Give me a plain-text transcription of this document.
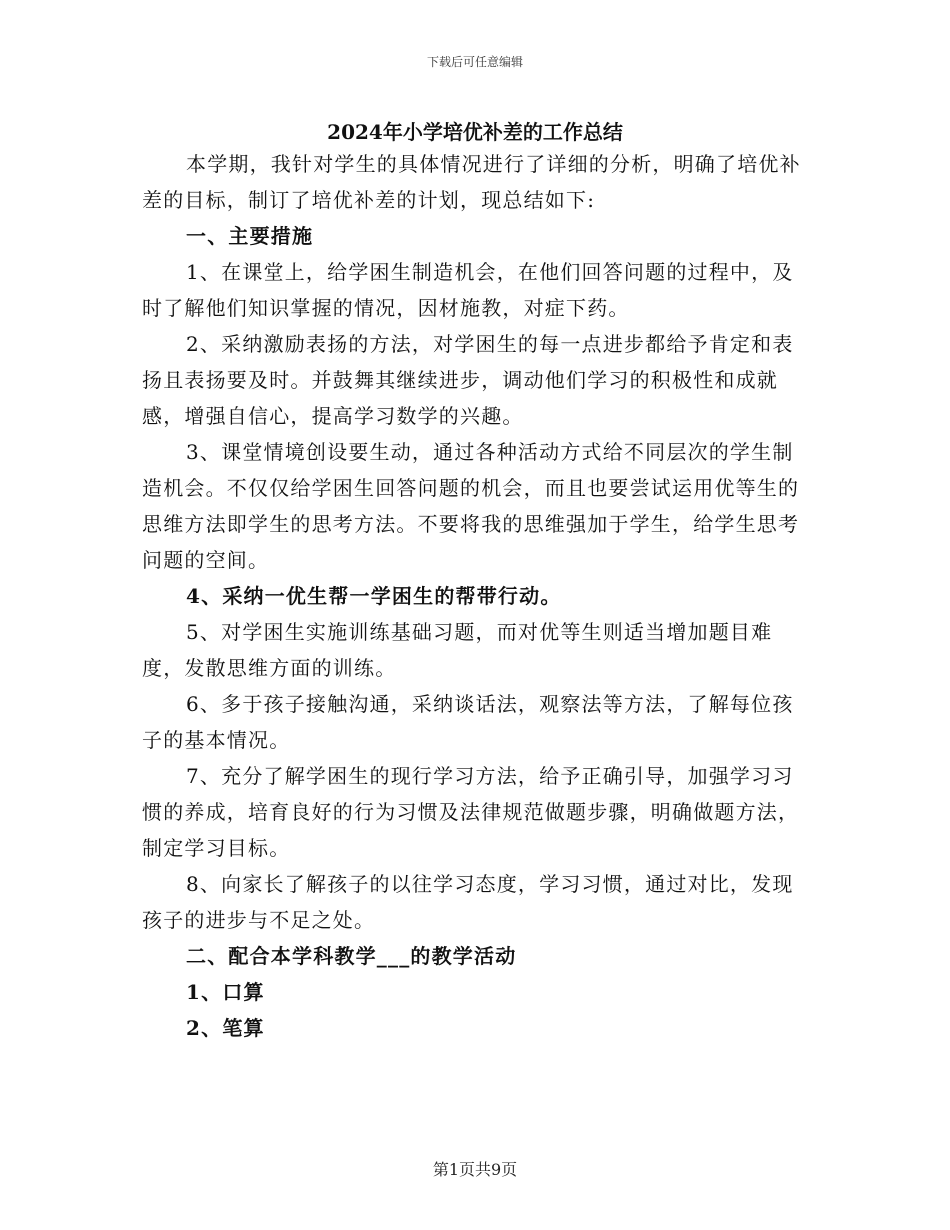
下载后可任意编辑
2024年小学培优补差的工作总结

本学期，我针对学生的具体情况进行了详细的分析，明确了培优补差的目标，制订了培优补差的计划，现总结如下:

一、主要措施

1、在课堂上，给学困生制造机会，在他们回答问题的过程中，及时了解他们知识掌握的情况，因材施教，对症下药。

2、采纳激励表扬的方法，对学困生的每一点进步都给予肯定和表扬且表扬要及时。并鼓舞其继续进步，调动他们学习的积极性和成就感，增强自信心，提高学习数学的兴趣。

3、课堂情境创设要生动，通过各种活动方式给不同层次的学生制造机会。不仅仅给学困生回答问题的机会，而且也要尝试运用优等生的思维方法即学生的思考方法。不要将我的思维强加于学生，给学生思考问题的空间。

4、采纳一优生帮一学困生的帮带行动。

5、对学困生实施训练基础习题，而对优等生则适当增加题目难度，发散思维方面的训练。

6、多于孩子接触沟通，采纳谈话法，观察法等方法，了解每位孩子的基本情况。

7、充分了解学困生的现行学习方法，给予正确引导，加强学习习惯的养成，培育良好的行为习惯及法律规范做题步骤，明确做题方法，制定学习目标。

8、向家长了解孩子的以往学习态度，学习习惯，通过对比，发现孩子的进步与不足之处。

二、配合本学科教学___的教学活动

1、口算

2、笔算

第1页共9页
